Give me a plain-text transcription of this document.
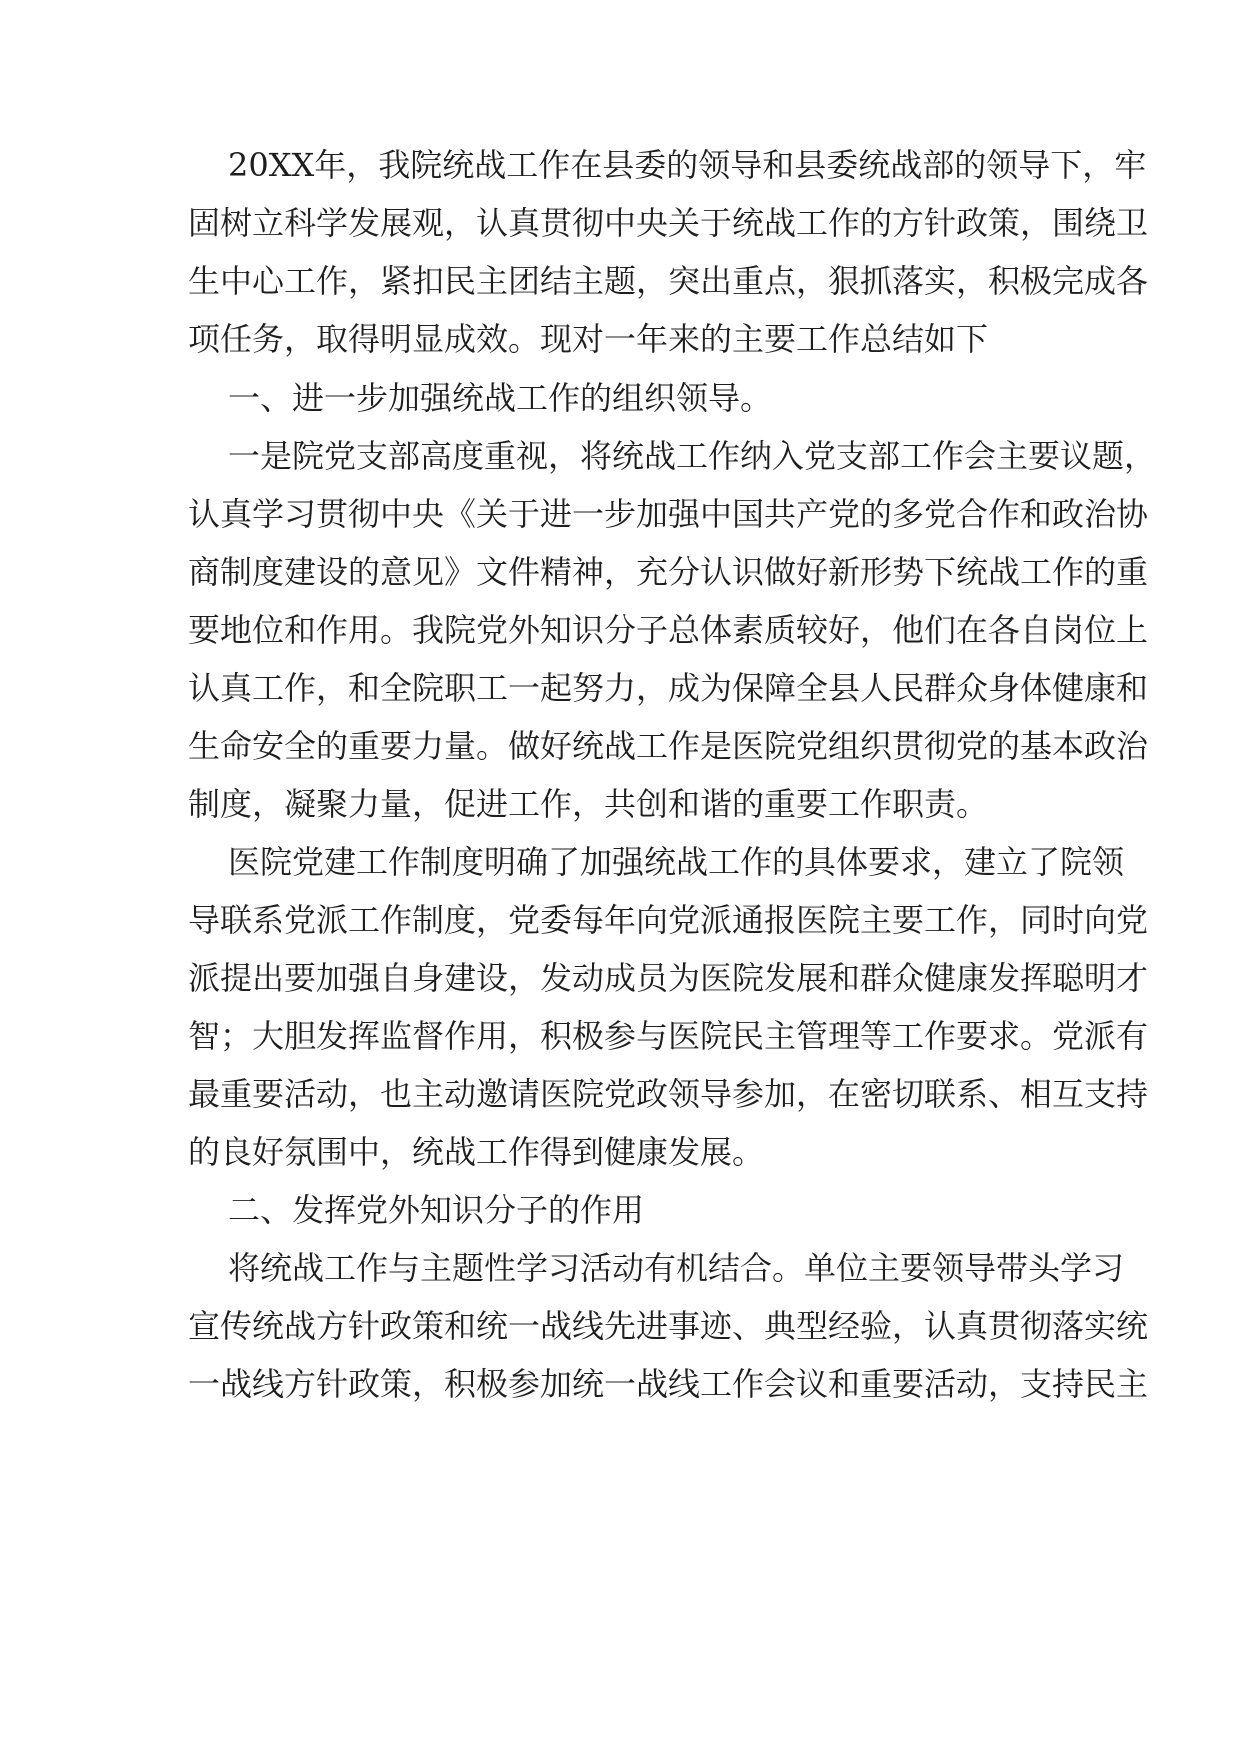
20XX年，我院统战工作在县委的领导和县委统战部的领导下，牢

固树立科学发展观，认真贯彻中央关于统战工作的方针政策，围绕卫

生中心工作，紧扣民主团结主题，突出重点，狠抓落实，积极完成各

项任务，取得明显成效。现对一年来的主要工作总结如下

一、进一步加强统战工作的组织领导。

一是院党支部高度重视，将统战工作纳入党支部工作会主要议题，

认真学习贯彻中央《关于进一步加强中国共产党的多党合作和政治协

商制度建设的意见》文件精神，充分认识做好新形势下统战工作的重

要地位和作用。我院党外知识分子总体素质较好，他们在各自岗位上

认真工作，和全院职工一起努力，成为保障全县人民群众身体健康和

生命安全的重要力量。做好统战工作是医院党组织贯彻党的基本政治

制度，凝聚力量，促进工作，共创和谐的重要工作职责。

医院党建工作制度明确了加强统战工作的具体要求，建立了院领

导联系党派工作制度，党委每年向党派通报医院主要工作，同时向党

派提出要加强自身建设，发动成员为医院发展和群众健康发挥聪明才

智；大胆发挥监督作用，积极参与医院民主管理等工作要求。党派有

最重要活动，也主动邀请医院党政领导参加，在密切联系、相互支持

的良好氛围中，统战工作得到健康发展。

二、发挥党外知识分子的作用

将统战工作与主题性学习活动有机结合。单位主要领导带头学习

宣传统战方针政策和统一战线先进事迹、典型经验，认真贯彻落实统

一战线方针政策，积极参加统一战线工作会议和重要活动，支持民主
